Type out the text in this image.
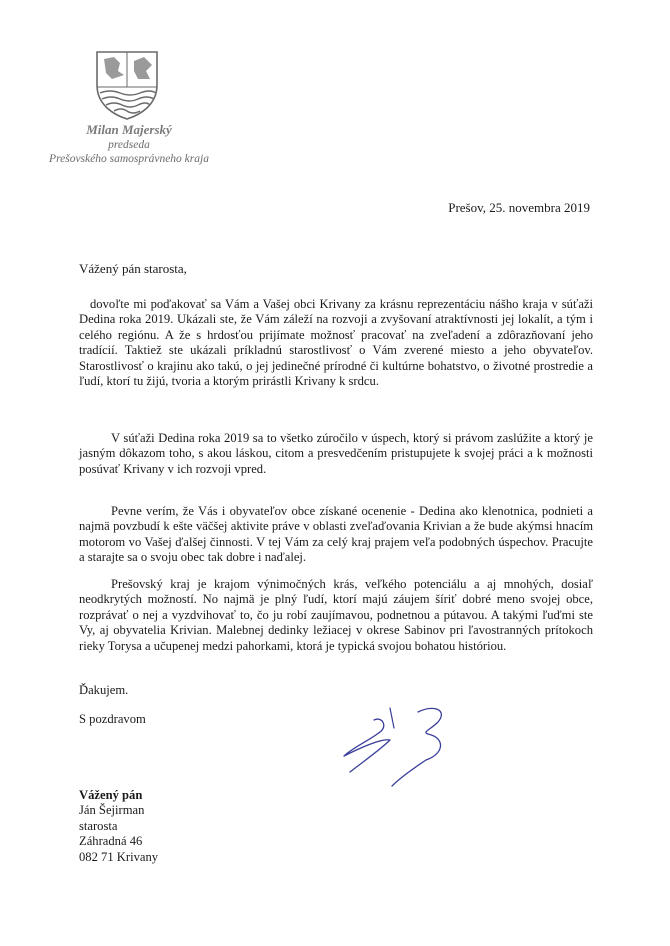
Milan Majerský
predseda
Prešovského samosprávneho kraja
Prešov, 25. novembra 2019
Vážený pán starosta,

dovoľte mi poďakovať sa Vám a Vašej obci Krivany za krásnu reprezentáciu nášho kraja v súťaži Dedina roka 2019. Ukázali ste, že Vám záleží na rozvoji a zvyšovaní atraktívnosti jej lokalít, a tým i celého regiónu. A že s hrdosťou prijímate možnosť pracovať na zveľadení a zdôrazňovaní jeho tradícií. Taktiež ste ukázali príkladnú starostlivosť o Vám zverené miesto a jeho obyvateľov. Starostlivosť o krajinu ako takú, o jej jedinečné prírodné či kultúrne bohatstvo, o životné prostredie a ľudí, ktorí tu žijú, tvoria a ktorým prirástli Krivany k srdcu.

V súťaži Dedina roka 2019 sa to všetko zúročilo v úspech, ktorý si právom zaslúžite a ktorý je jasným dôkazom toho, s akou láskou, citom a presvedčením pristupujete k svojej práci a k možnosti posúvať Krivany v ich rozvoji vpred.

Pevne verím, že Vás i obyvateľov obce získané ocenenie - Dedina ako klenotnica, podnieti a najmä povzbudí k ešte väčšej aktivite práve v oblasti zveľaďovania Krivian a že bude akýmsi hnacím motorom vo Vašej ďalšej činnosti. V tej Vám za celý kraj prajem veľa podobných úspechov. Pracujte a starajte sa o svoju obec tak dobre i naďalej.

Prešovský kraj je krajom výnimočných krás, veľkého potenciálu a aj mnohých, dosiaľ neodkrytých možností. No najmä je plný ľudí, ktorí majú záujem šíriť dobré meno svojej obce, rozprávať o nej a vyzdvihovať to, čo ju robí zaujímavou, podnetnou a pútavou. A takými ľuďmi ste Vy, aj obyvatelia Krivian. Malebnej dedinky ležiacej v okrese Sabinov pri ľavostranných prítokoch rieky Torysa a učupenej medzi pahorkami, ktorá je typická svojou bohatou históriou.

Ďakujem.
S pozdravom
Vážený pán
Ján Šejirman
starosta
Záhradná 46
082 71 Krivany
